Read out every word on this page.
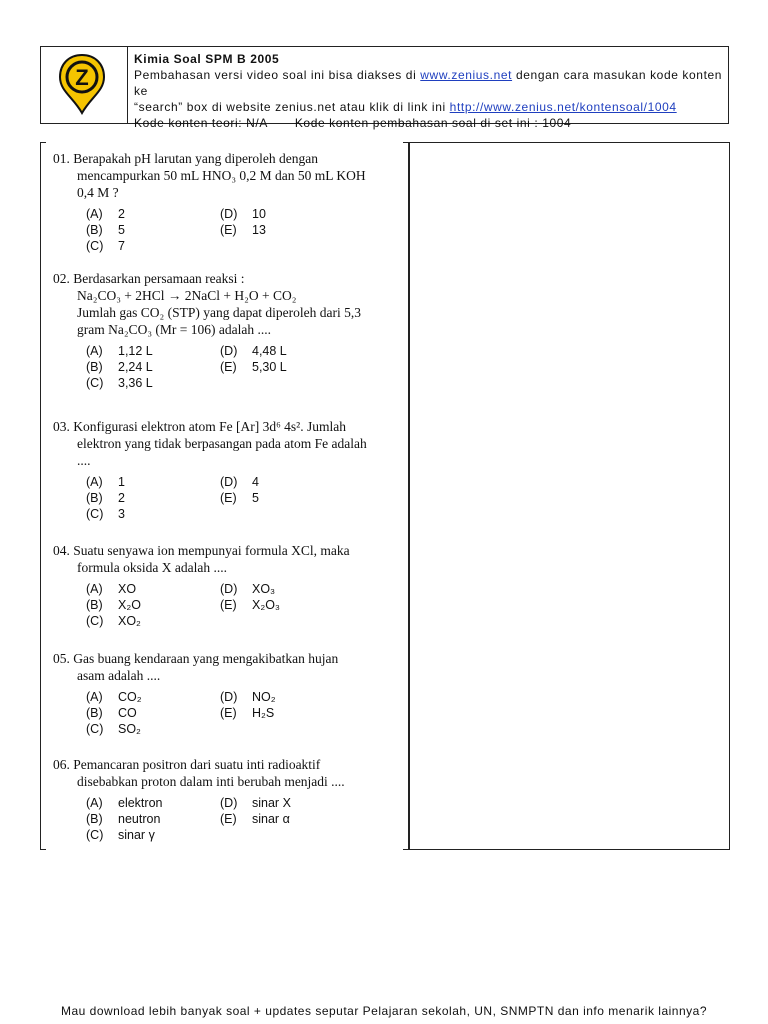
Z
Kimia Soal SPM B 2005
Pembahasan versi video soal ini bisa diakses di www.zenius.net dengan cara masukan kode konten ke
“search” box di website zenius.net atau klik di link ini http://www.zenius.net/kontensoal/1004
Kode konten teori: N/A       Kode konten pembahasan soal di set ini : 1004
01. Berapakah pH larutan yang diperoleh dengan
mencampurkan 50 mL HNO₃ 0,2 M dan 50 mL KOH
0,4 M ?
(A) 2
(B) 5
(C) 7
(D) 10
(E) 13
02. Berdasarkan persamaan reaksi :
Na₂CO₃ + 2HCl → 2NaCl + H₂O + CO₂
Jumlah gas CO₂ (STP) yang dapat diperoleh dari 5,3
gram Na₂CO₃ (Mr = 106) adalah ....
(A) 1,12 L
(B) 2,24 L
(C) 3,36 L
(D) 4,48 L
(E) 5,30 L
03. Konfigurasi elektron atom Fe [Ar] 3d⁶ 4s². Jumlah
elektron yang tidak berpasangan pada atom Fe adalah
....
(A) 1
(B) 2
(C) 3
(D) 4
(E) 5
04. Suatu senyawa ion mempunyai formula XCl, maka
formula oksida X adalah ....
(A) XO
(B) X₂O
(C) XO₂
(D) XO₃
(E) X₂O₃
05. Gas buang kendaraan yang mengakibatkan hujan
asam adalah ....
(A) CO₂
(B) CO
(C) SO₂
(D) NO₂
(E) H₂S
06. Pemancaran positron dari suatu inti radioaktif
disebabkan proton dalam inti berubah menjadi ....
(A) elektron
(B) neutron
(C) sinar γ
(D) sinar X
(E) sinar α
Mau download lebih banyak soal + updates seputar Pelajaran sekolah, UN, SNMPTN dan info menarik lainnya?
